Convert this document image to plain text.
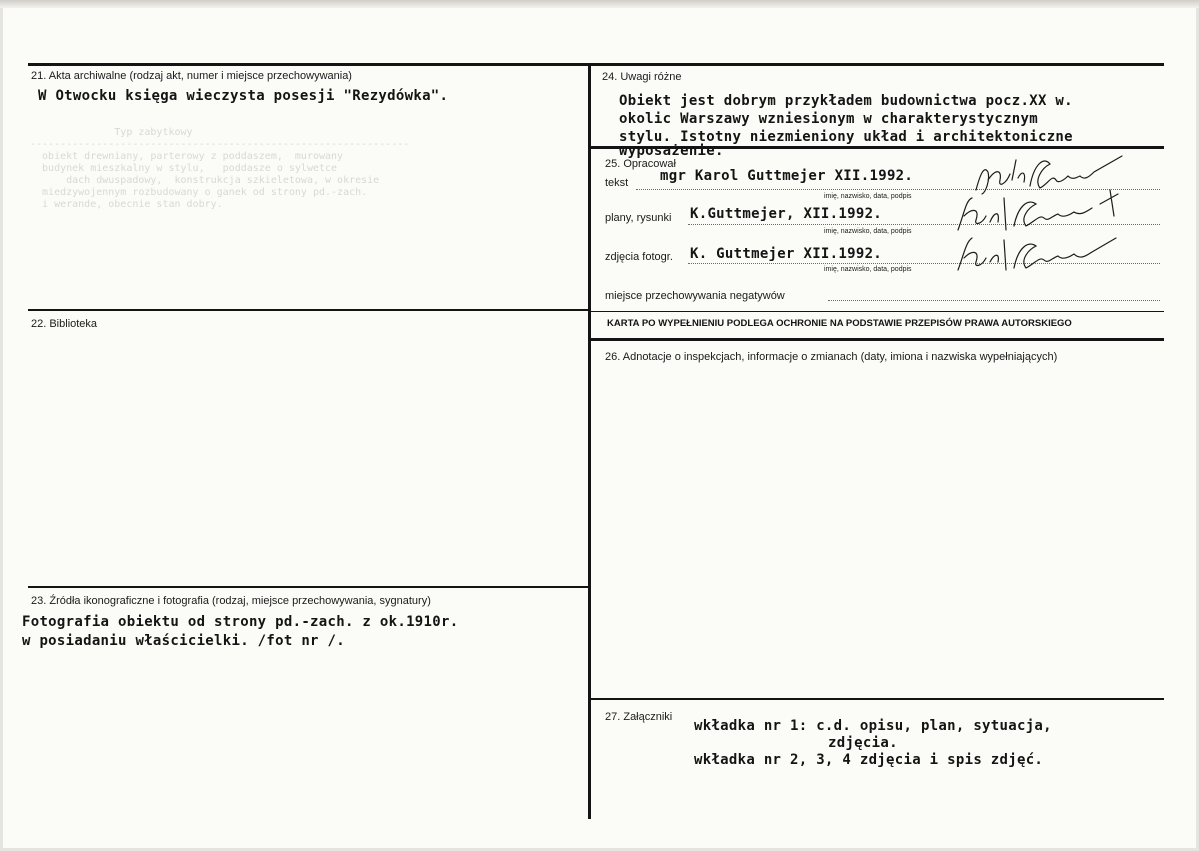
Typ zabytkowy
---------------------------------------------------------------
obiekt drewniany, parterowy z poddaszem,  murowany
budynek mieszkalny w stylu,   poddasze o sylwetce
dach dwuspadowy,  konstrukcja szkieletowa, w okresie
miedzywojennym rozbudowany o ganek od strony pd.-zach.
i werande, obecnie stan dobry.
21. Akta archiwalne (rodzaj akt, numer i miejsce przechowywania)
W Otwocku księga wieczysta posesji "Rezydówka".
22. Biblioteka
23. Źródła ikonograficzne i fotografia (rodzaj, miejsce przechowywania, sygnatury)
Fotografia obiektu od strony pd.-zach. z ok.1910r.
w posiadaniu właścicielki. /fot nr /.
24. Uwagi różne
Obiekt jest dobrym przykładem budownictwa pocz.XX w.
okolic Warszawy wzniesionym w charakterystycznym
stylu. Istotny niezmieniony układ i architektoniczne
wyposażenie.
25. Opracował
tekst mgr Karol Guttmejer XII.1992.
imię, nazwisko, data, podpis
plany, rysunki K.Guttmejer, XII.1992.
imię, nazwisko, data, podpis
zdjęcia fotogr. K. Guttmejer XII.1992.
imię, nazwisko, data, podpis
miejsce przechowywania negatywów
KARTA PO WYPEŁNIENIU PODLEGA OCHRONIE NA PODSTAWIE PRZEPISÓW PRAWA AUTORSKIEGO
26. Adnotacje o inspekcjach, informacje o zmianach (daty, imiona i nazwiska wypełniających)
27. Załączniki
wkładka nr 1: c.d. opisu, plan, sytuacja,
zdjęcia.
wkładka nr 2, 3, 4 zdjęcia i spis zdjęć.
